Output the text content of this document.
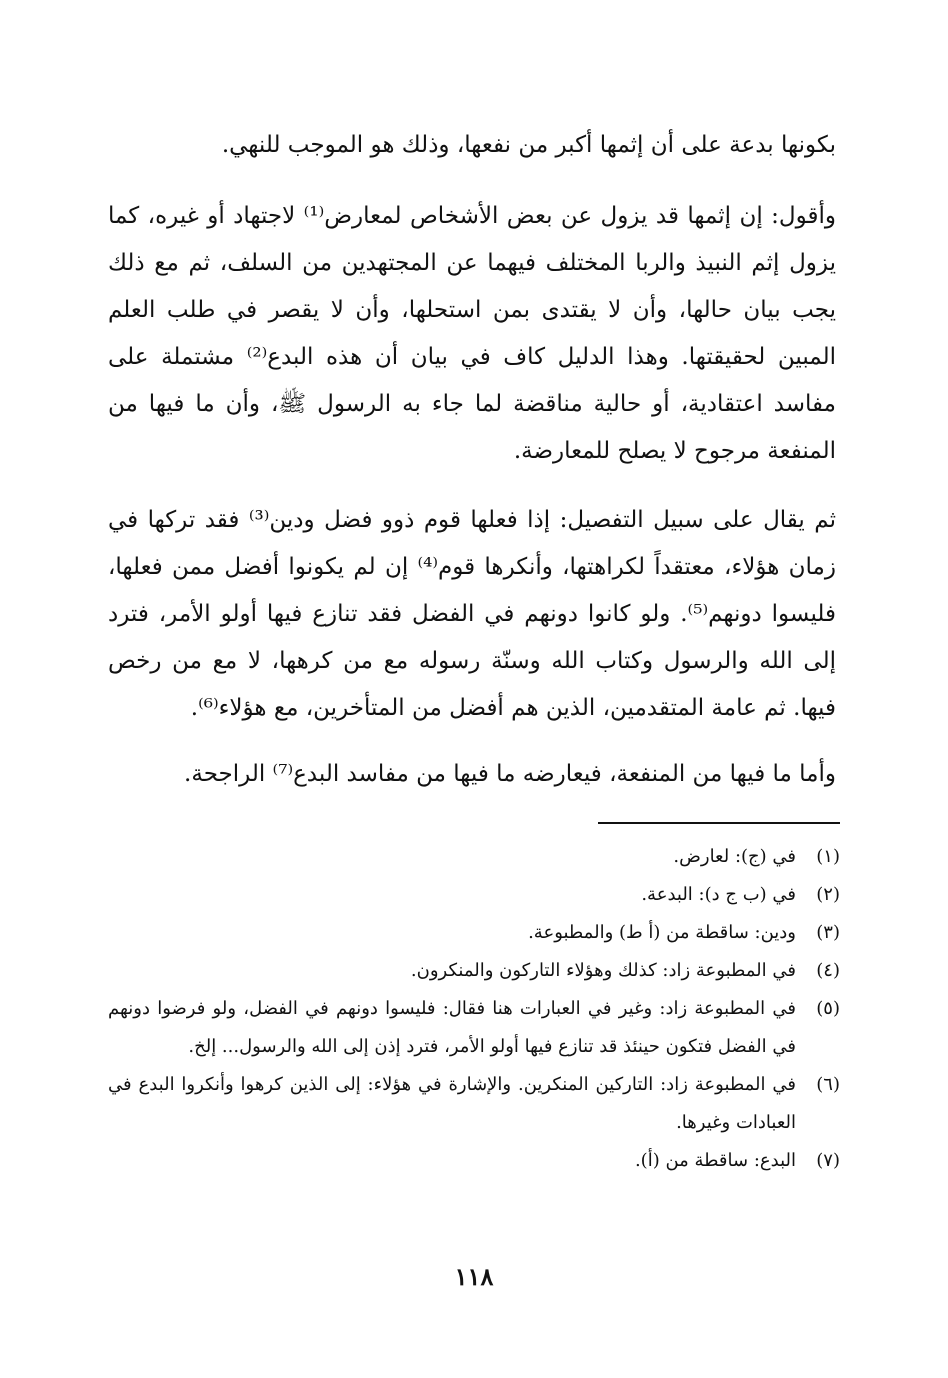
بكونها بدعة على أن إثمها أكبر من نفعها، وذلك هو الموجب للنهي.

وأقول: إن إثمها قد يزول عن بعض الأشخاص لمعارض⁽¹⁾ لاجتهاد أو غيره، كما يزول إثم النبيذ والربا المختلف فيهما عن المجتهدين من السلف، ثم مع ذلك يجب بيان حالها، وأن لا يقتدى بمن استحلها، وأن لا يقصر في طلب العلم المبين لحقيقتها. وهذا الدليل كاف في بيان أن هذه البدع⁽²⁾ مشتملة على مفاسد اعتقادية، أو حالية مناقضة لما جاء به الرسول ﷺ، وأن ما فيها من المنفعة مرجوح لا يصلح للمعارضة.

ثم يقال على سبيل التفصيل: إذا فعلها قوم ذوو فضل ودين⁽³⁾ فقد تركها في زمان هؤلاء، معتقداً لكراهتها، وأنكرها قوم⁽⁴⁾ إن لم يكونوا أفضل ممن فعلها، فليسوا دونهم⁽⁵⁾. ولو كانوا دونهم في الفضل فقد تنازع فيها أولو الأمر، فترد إلى الله والرسول وكتاب الله وسنّة رسوله مع من كرهها، لا مع من رخص فيها. ثم عامة المتقدمين، الذين هم أفضل من المتأخرين، مع هؤلاء⁽⁶⁾.

وأما ما فيها من المنفعة، فيعارضه ما فيها من مفاسد البدع⁽⁷⁾ الراجحة.

(١)
في (ج): لعارض.
(٢)
في (ب ج د): البدعة.
(٣)
ودين: ساقطة من (أ ط) والمطبوعة.
(٤)
في المطبوعة زاد: كذلك وهؤلاء التاركون والمنكرون.
(٥)
في المطبوعة زاد: وغير في العبارات هنا فقال: فليسوا دونهم في الفضل، ولو فرضوا دونهم في الفضل فتكون حينئذ قد تنازع فيها أولو الأمر، فترد إذن إلى الله والرسول... إلخ.
(٦)
في المطبوعة زاد: التاركين المنكرين. والإشارة في هؤلاء: إلى الذين كرهوا وأنكروا البدع في العبادات وغيرها.
(٧)
البدع: ساقطة من (أ).
١١٨
